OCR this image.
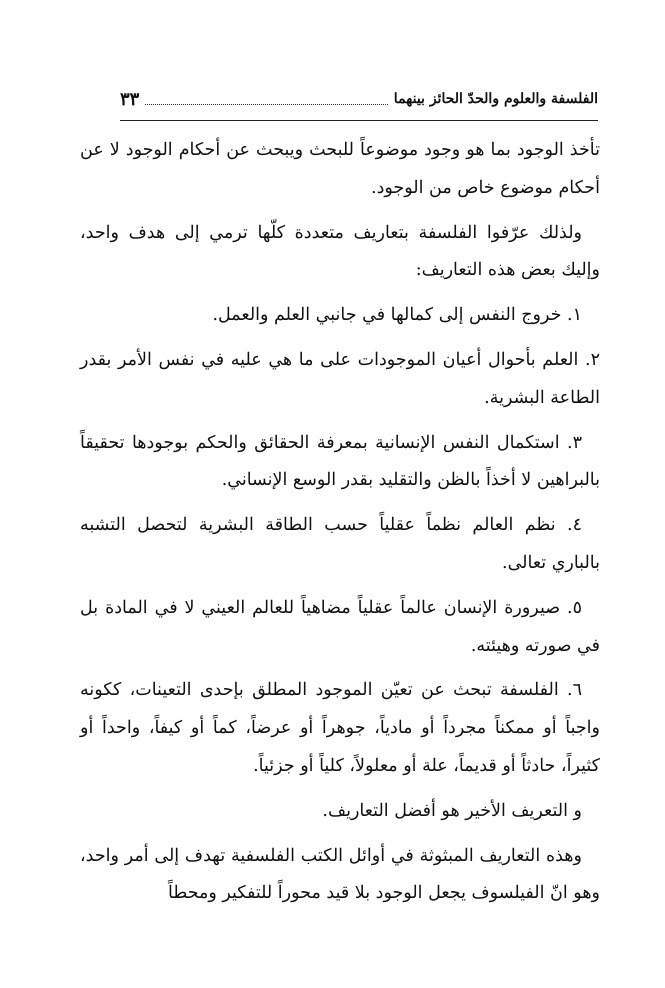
الفلسفة والعلوم والحدّ الحائز بينهما
٣٣

تأخذ الوجود بما هو وجود موضوعاً للبحث ويبحث عن أحكام الوجود لا عن أحكام موضوع خاص من الوجود.

ولذلك عرّفوا الفلسفة بتعاريف متعددة كلّها ترمي إلى هدف واحد، وإليك بعض هذه التعاريف:

١. خروج النفس إلى كمالها في جانبي العلم والعمل.

٢. العلم بأحوال أعيان الموجودات على ما هي عليه في نفس الأمر بقدر الطاعة البشرية.

٣. استكمال النفس الإنسانية بمعرفة الحقائق والحكم بوجودها تحقيقاً بالبراهين لا أخذاً بالظن والتقليد بقدر الوسع الإنساني.

٤. نظم العالم نظماً عقلياً حسب الطاقة البشرية لتحصل التشبه بالباري تعالى.

٥. صيرورة الإنسان عالماً عقلياً مضاهياً للعالم العيني لا في المادة بل في صورته وهيئته.

٦. الفلسفة تبحث عن تعيّن الموجود المطلق بإحدى التعينات، ككونه واجباً أو ممكناً مجرداً أو مادياً، جوهراً أو عرضاً، كماً أو كيفاً، واحداً أو كثيراً، حادثاً أو قديماً، علة أو معلولاً، كلياً أو جزئياً.

و التعريف الأخير هو أفضل التعاريف.

وهذه التعاريف المبثوثة في أوائل الكتب الفلسفية تهدف إلى أمر واحد، وهو انّ الفيلسوف يجعل الوجود بلا قيد محوراً للتفكير ومحطاً
